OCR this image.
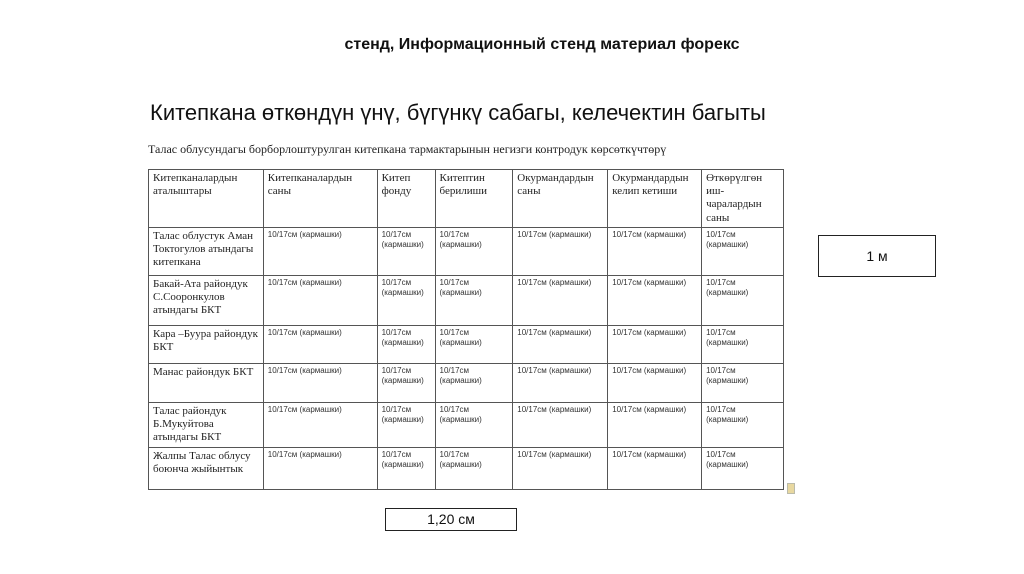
стенд, Информационный стенд материал форекс
Китепкана өткөндүн үнү, бүгүнкү сабагы, келечектин багыты
Талас облусундагы борборлоштурулган китепкана тармактарынын негизги контродук көрсөткүчтөрү
Китепканалардын аталыштары	Китепканалардын саны	Китеп фонду	Китептин берилиши	Окурмандардын саны	Окурмандардын келип кетиши	Өткөрүлгөн иш-чаралардын саны
Талас облустук Аман Токтогулов атындагы китепкана	10/17см (кармашки)	10/17см (кармашки)	10/17см (кармашки)	10/17см (кармашки)	10/17см (кармашки)	10/17см (кармашки)
Бакай-Ата райондук С.Сооронкулов атындагы БКТ	10/17см (кармашки)	10/17см (кармашки)	10/17см (кармашки)	10/17см (кармашки)	10/17см (кармашки)	10/17см (кармашки)
Кара –Буура райондук БКТ	10/17см (кармашки)	10/17см (кармашки)	10/17см (кармашки)	10/17см (кармашки)	10/17см (кармашки)	10/17см (кармашки)
Манас райондук БКТ	10/17см (кармашки)	10/17см (кармашки)	10/17см (кармашки)	10/17см (кармашки)	10/17см (кармашки)	10/17см (кармашки)
Талас райондук Б.Мукуйтова атындагы БКТ	10/17см (кармашки)	10/17см (кармашки)	10/17см (кармашки)	10/17см (кармашки)	10/17см (кармашки)	10/17см (кармашки)
Жалпы Талас облусу боюнча жыйынтык	10/17см (кармашки)	10/17см (кармашки)	10/17см (кармашки)	10/17см (кармашки)	10/17см (кармашки)	10/17см (кармашки)
1 м
1,20 см
